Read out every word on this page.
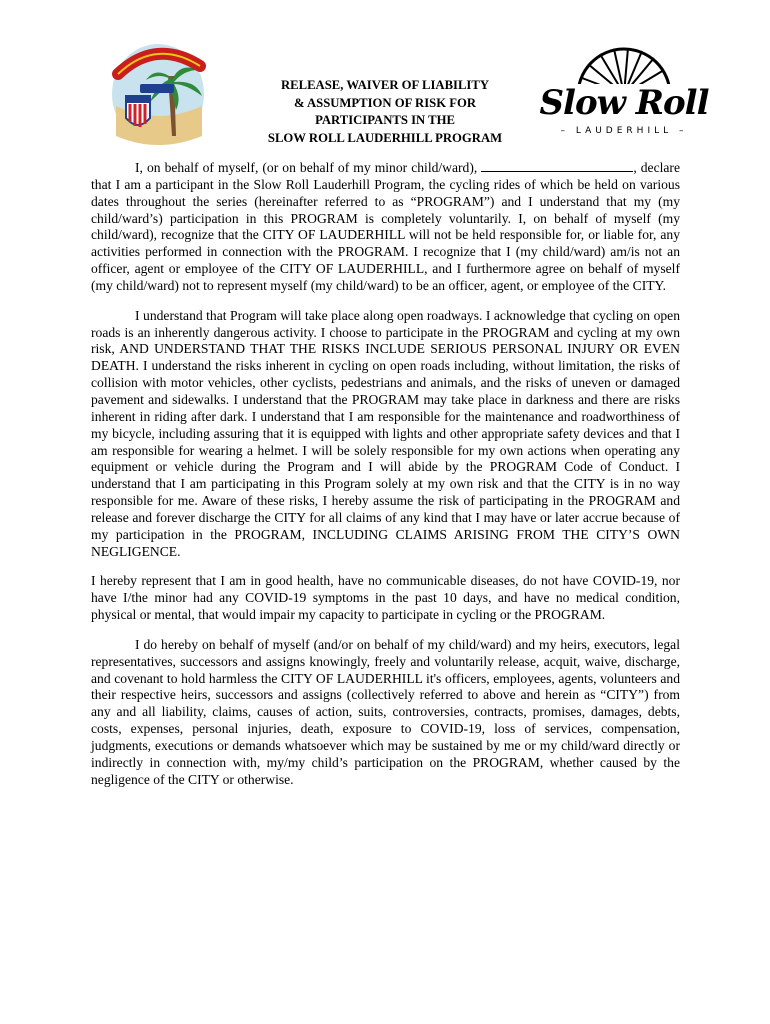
Slow Roll
– LAUDERHILL –
RELEASE, WAIVER OF LIABILITY
& ASSUMPTION OF RISK FOR
PARTICIPANTS IN THE
SLOW ROLL LAUDERHILL PROGRAM

I, on behalf of myself, (or on behalf of my minor child/ward),	, declare that I am a participant in the Slow Roll Lauderhill Program, the cycling rides of which be held on various dates throughout the series (hereinafter referred to as “PROGRAM”) and I understand that my (my child/ward’s) participation in this PROGRAM is completely voluntarily. I, on behalf of myself (my child/ward), recognize that the CITY OF LAUDERHILL will not be held responsible for, or liable for, any activities performed in connection with the PROGRAM. I recognize that I (my child/ward) am/is not an officer, agent or employee of the CITY OF LAUDERHILL, and I furthermore agree on behalf of myself (my child/ward) not to represent myself (my child/ward) to be an officer, agent, or employee of the CITY.

I understand that Program will take place along open roadways. I acknowledge that cycling on open roads is an inherently dangerous activity. I choose to participate in the PROGRAM and cycling at my own risk, AND UNDERSTAND THAT THE RISKS INCLUDE SERIOUS PERSONAL INJURY OR EVEN DEATH. I understand the risks inherent in cycling on open roads including, without limitation, the risks of collision with motor vehicles, other cyclists, pedestrians and animals, and the risks of uneven or damaged pavement and sidewalks. I understand that the PROGRAM may take place in darkness and there are risks inherent in riding after dark. I understand that I am responsible for the maintenance and roadworthiness of my bicycle, including assuring that it is equipped with lights and other appropriate safety devices and that I am responsible for wearing a helmet. I will be solely responsible for my own actions when operating any equipment or vehicle during the Program and I will abide by the PROGRAM Code of Conduct. I understand that I am participating in this Program solely at my own risk and that the CITY is in no way responsible for me. Aware of these risks, I hereby assume the risk of participating in the PROGRAM and release and forever discharge the CITY for all claims of any kind that I may have or later accrue because of my participation in the PROGRAM, INCLUDING CLAIMS ARISING FROM THE CITY’S OWN NEGLIGENCE.

I hereby represent that I am in good health, have no communicable diseases, do not have COVID-19, nor have I/the minor had any COVID-19 symptoms in the past 10 days, and have no medical condition, physical or mental, that would impair my capacity to participate in cycling or the PROGRAM.

I do hereby on behalf of myself (and/or on behalf of my child/ward) and my heirs, executors, legal representatives, successors and assigns knowingly, freely and voluntarily release, acquit, waive, discharge, and covenant to hold harmless the CITY OF LAUDERHILL it's officers, employees, agents, volunteers and their respective heirs, successors and assigns (collectively referred to above and herein as “CITY”) from any and all liability, claims, causes of action, suits, controversies, contracts, promises, damages, debts, costs, expenses, personal injuries, death, exposure to COVID-19, loss of services, compensation, judgments, executions or demands whatsoever which may be sustained by me or my child/ward directly or indirectly in connection with, my/my child’s participation on the PROGRAM, whether caused by the negligence of the CITY or otherwise.
